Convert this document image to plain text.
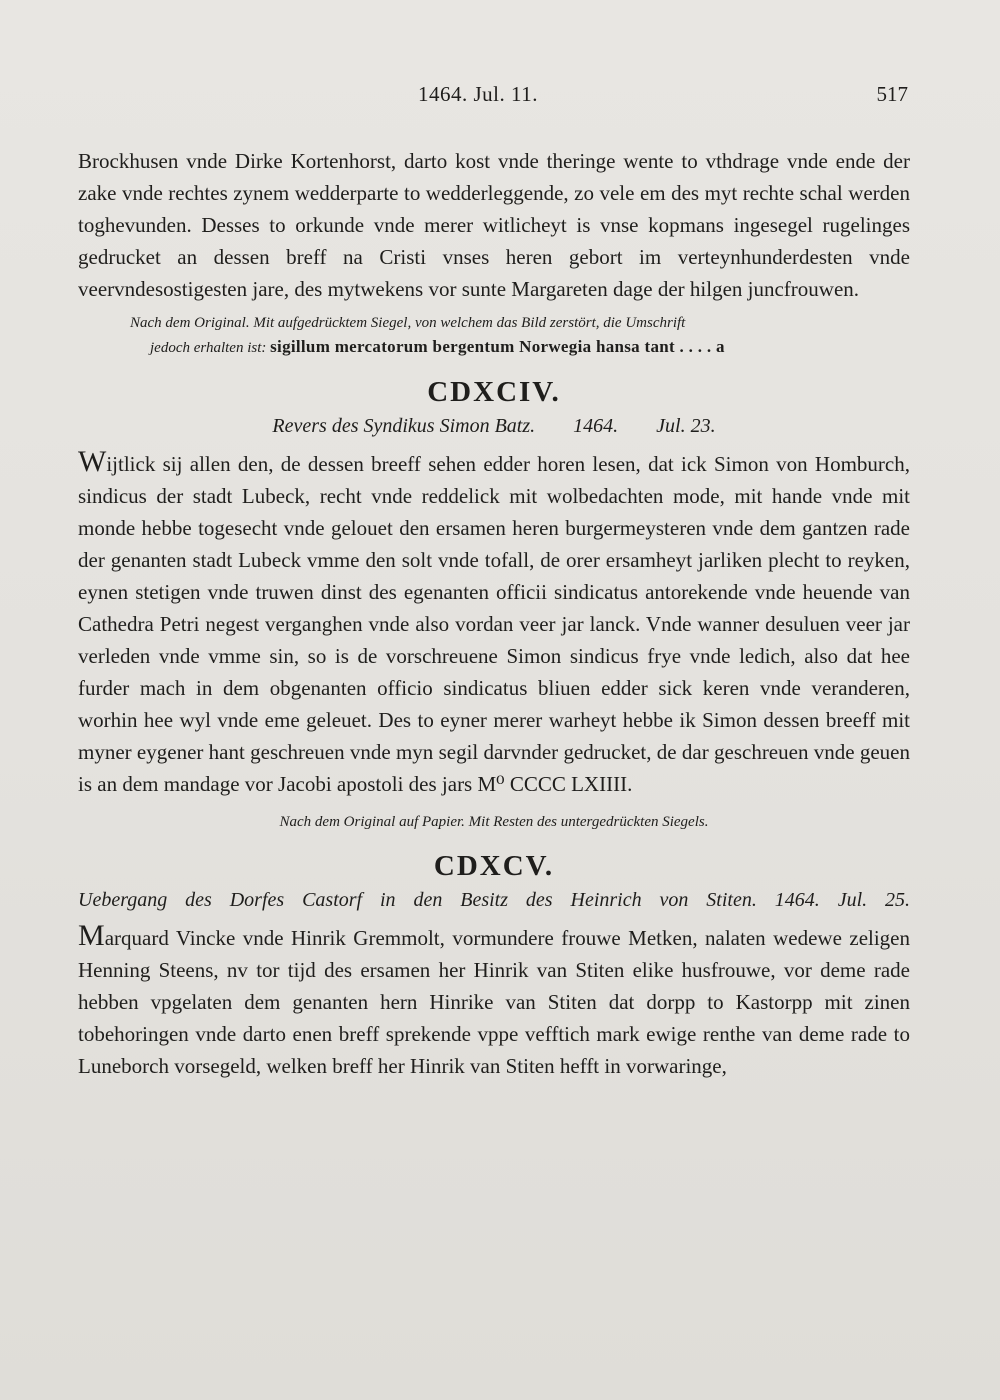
1464. Jul. 11.	517

Brockhusen vnde Dirke Kortenhorst, darto kost vnde theringe wente to vthdrage vnde ende der zake vnde rechtes zynem wedderparte to wedderleggende, zo vele em des myt rechte schal werden toghevunden. Desses to orkunde vnde merer witlicheyt is vnse kopmans ingesegel rugelinges gedrucket an dessen breff na Cristi vnses heren gebort im verteynhunderdesten vnde veervndesostigesten jare, des mytwekens vor sunte Margareten dage der hilgen juncfrouwen.

Nach dem Original. Mit aufgedrücktem Siegel, von welchem das Bild zerstört, die Umschrift
jedoch erhalten ist: sigillum mercatorum bergentum Norwegia hansa tant . . . . a

CDXCIV.
Revers des Syndikus Simon Batz. 1464. Jul. 23.

Wijtlick sij allen den, de dessen breeff sehen edder horen lesen, dat ick Simon von Homburch, sindicus der stadt Lubeck, recht vnde reddelick mit wolbedachten mode, mit hande vnde mit monde hebbe togesecht vnde gelouet den ersamen heren burgermeysteren vnde dem gantzen rade der genanten stadt Lubeck vmme den solt vnde tofall, de orer ersamheyt jarliken plecht to reyken, eynen stetigen vnde truwen dinst des egenanten officii sindicatus antorekende vnde heuende van Cathedra Petri negest verganghen vnde also vordan veer jar lanck. Vnde wanner desuluen veer jar verleden vnde vmme sin, so is de vorschreuene Simon sindicus frye vnde ledich, also dat hee furder mach in dem obgenanten officio sindicatus bliuen edder sick keren vnde veranderen, worhin hee wyl vnde eme geleuet. Des to eyner merer warheyt hebbe ik Simon dessen breeff mit myner eygener hant geschreuen vnde myn segil darvnder gedrucket, de dar geschreuen vnde geuen is an dem mandage vor Jacobi apostoli des jars M⁰ CCCC LXIIII.

Nach dem Original auf Papier. Mit Resten des untergedrückten Siegels.

CDXCV.
Uebergang des Dorfes Castorf in den Besitz des Heinrich von Stiten. 1464. Jul. 25.

Marquard Vincke vnde Hinrik Gremmolt, vormundere frouwe Metken, nalaten wedewe zeligen Henning Steens, nv tor tijd des ersamen her Hinrik van Stiten elike husfrouwe, vor deme rade hebben vpgelaten dem genanten hern Hinrike van Stiten dat dorpp to Kastorpp mit zinen tobehoringen vnde darto enen breff sprekende vppe vefftich mark ewige renthe van deme rade to Luneborch vorsegeld, welken breff her Hinrik van Stiten hefft in vorwaringe,
